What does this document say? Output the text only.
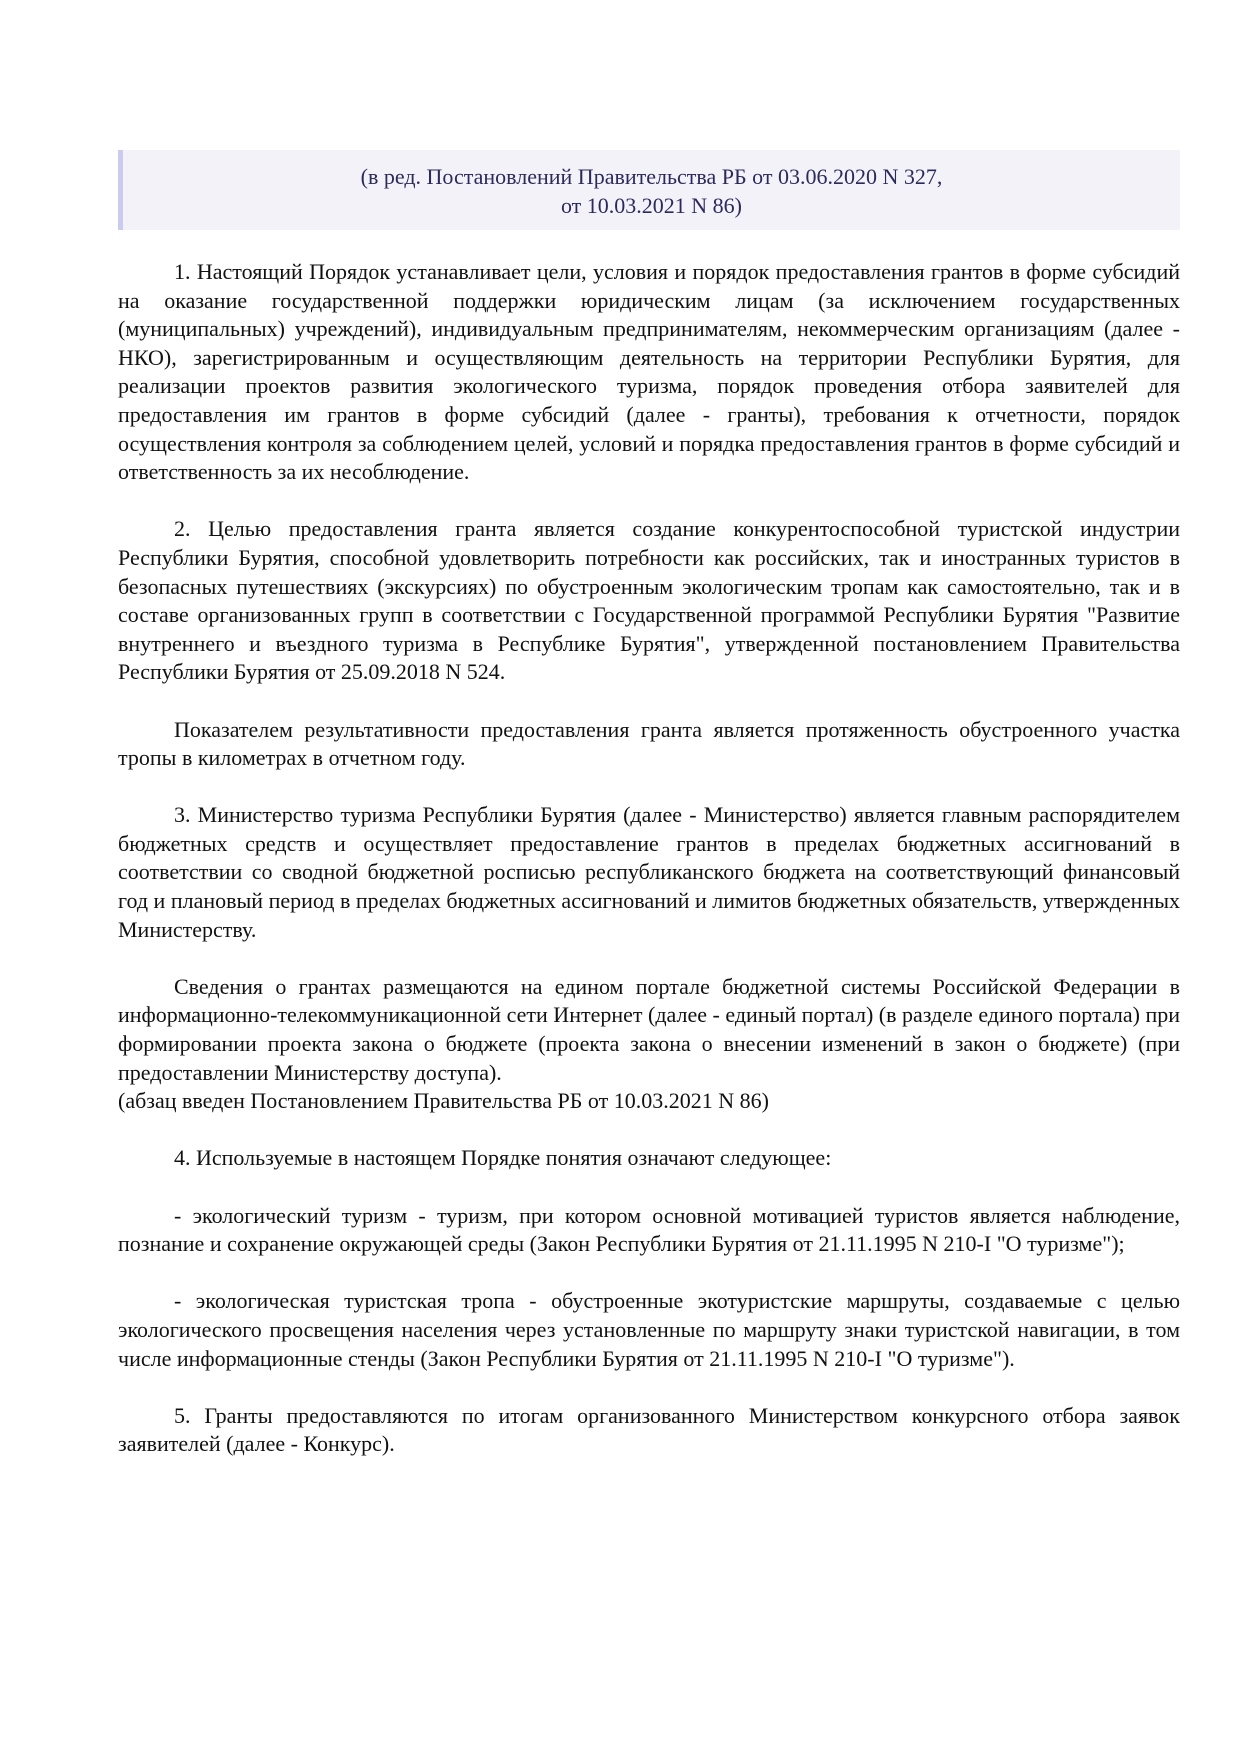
(в ред. Постановлений Правительства РБ от 03.06.2020 N 327,
от 10.03.2021 N 86)

1. Настоящий Порядок устанавливает цели, условия и порядок предоставления грантов в форме субсидий на оказание государственной поддержки юридическим лицам (за исключением государственных (муниципальных) учреждений), индивидуальным предпринимателям, некоммерческим организациям (далее - НКО), зарегистрированным и осуществляющим деятельность на территории Республики Бурятия, для реализации проектов развития экологического туризма, порядок проведения отбора заявителей для предоставления им грантов в форме субсидий (далее - гранты), требования к отчетности, порядок осуществления контроля за соблюдением целей, условий и порядка предоставления грантов в форме субсидий и ответственность за их несоблюдение.

2. Целью предоставления гранта является создание конкурентоспособной туристской индустрии Республики Бурятия, способной удовлетворить потребности как российских, так и иностранных туристов в безопасных путешествиях (экскурсиях) по обустроенным экологическим тропам как самостоятельно, так и в составе организованных групп в соответствии с Государственной программой Республики Бурятия "Развитие внутреннего и въездного туризма в Республике Бурятия", утвержденной постановлением Правительства Республики Бурятия от 25.09.2018 N 524.

Показателем результативности предоставления гранта является протяженность обустроенного участка тропы в километрах в отчетном году.

3. Министерство туризма Республики Бурятия (далее - Министерство) является главным распорядителем бюджетных средств и осуществляет предоставление грантов в пределах бюджетных ассигнований в соответствии со сводной бюджетной росписью республиканского бюджета на соответствующий финансовый год и плановый период в пределах бюджетных ассигнований и лимитов бюджетных обязательств, утвержденных Министерству.

Сведения о грантах размещаются на едином портале бюджетной системы Российской Федерации в информационно-телекоммуникационной сети Интернет (далее - единый портал) (в разделе единого портала) при формировании проекта закона о бюджете (проекта закона о внесении изменений в закон о бюджете) (при предоставлении Министерству доступа).

(абзац введен Постановлением Правительства РБ от 10.03.2021 N 86)

4. Используемые в настоящем Порядке понятия означают следующее:

- экологический туризм - туризм, при котором основной мотивацией туристов является наблюдение, познание и сохранение окружающей среды (Закон Республики Бурятия от 21.11.1995 N 210-I "О туризме");

- экологическая туристская тропа - обустроенные экотуристские маршруты, создаваемые с целью экологического просвещения населения через установленные по маршруту знаки туристской навигации, в том числе информационные стенды (Закон Республики Бурятия от 21.11.1995 N 210-I "О туризме").

5. Гранты предоставляются по итогам организованного Министерством конкурсного отбора заявок заявителей (далее - Конкурс).
